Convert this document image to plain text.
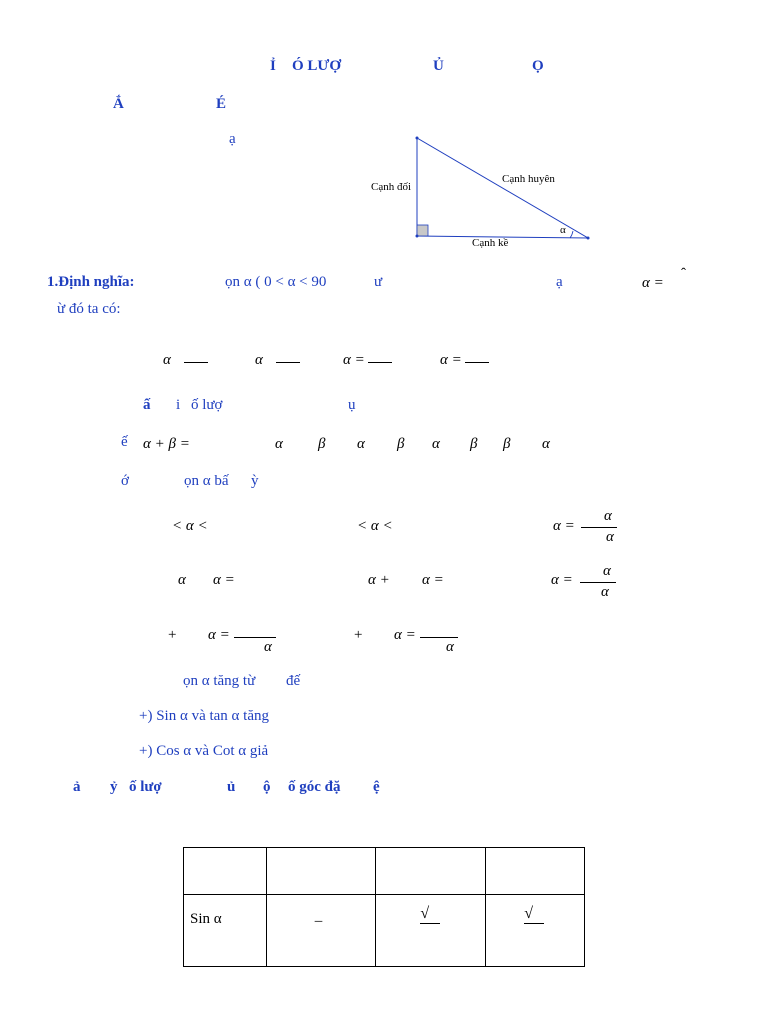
Ỉ Ó LƯỢ	Ủ	Ọ
Ắ	É
ạ
Cạnh đối
Cạnh huyên
Cạnh kề
α
1.Định nghĩa:	ọn α ( 0 < α < 90	ư	ạ	α =
ˆ
ừ đó ta có:
α	α	α =	α =
ấ i ố lượ	ụ
ế α + β =	α β α β α β β α
ớ	ọn α bấ ỳ
< α <	< α <	α =
α
α
α α =	α + α =	α =
α
α
+ α =
α
+ α =
α
ọn α tăng từ đế
+) Sin α và tan α tăng
+) Cos α và Cot α giả
ả ỷ ố lượ	ủ ộ ố góc đặ ệ

Sin α	–	√	√
